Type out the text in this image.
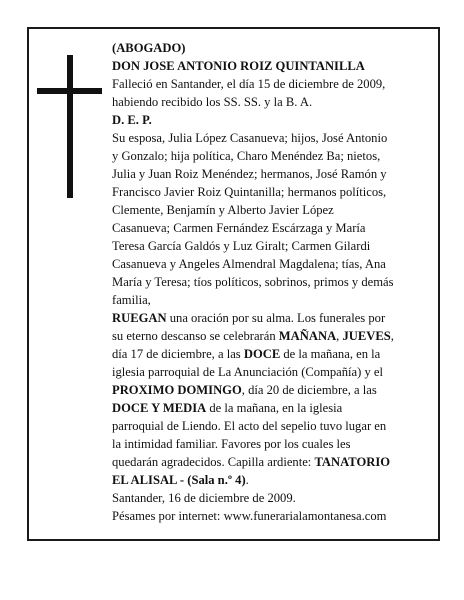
(ABOGADO)
DON JOSE ANTONIO ROIZ QUINTANILLA
Falleció en Santander, el día 15 de diciembre de 2009,
habiendo recibido los SS. SS. y la B. A.
D. E. P.
Su esposa, Julia López Casanueva; hijos, José Antonio
y Gonzalo; hija política, Charo Menéndez Ba; nietos,
Julia y Juan Roiz Menéndez; hermanos, José Ramón y
Francisco Javier Roiz Quintanilla; hermanos políticos,
Clemente, Benjamín y Alberto Javier López
Casanueva; Carmen Fernández Escárzaga y María
Teresa García Galdós y Luz Giralt; Carmen Gilardi
Casanueva y Angeles Almendral Magdalena; tías, Ana
María y Teresa; tíos políticos, sobrinos, primos y demás
familia,
RUEGAN una oración por su alma. Los funerales por
su eterno descanso se celebrarán MAÑANA, JUEVES,
día 17 de diciembre, a las DOCE de la mañana, en la
iglesia parroquial de La Anunciación (Compañía) y el
PROXIMO DOMINGO, día 20 de diciembre, a las
DOCE Y MEDIA de la mañana, en la iglesia
parroquial de Liendo. El acto del sepelio tuvo lugar en
la intimidad familiar. Favores por los cuales les
quedarán agradecidos. Capilla ardiente: TANATORIO
EL ALISAL - (Sala n.º 4).
Santander, 16 de diciembre de 2009.
Pésames por internet: www.funerarialamontanesa.com
